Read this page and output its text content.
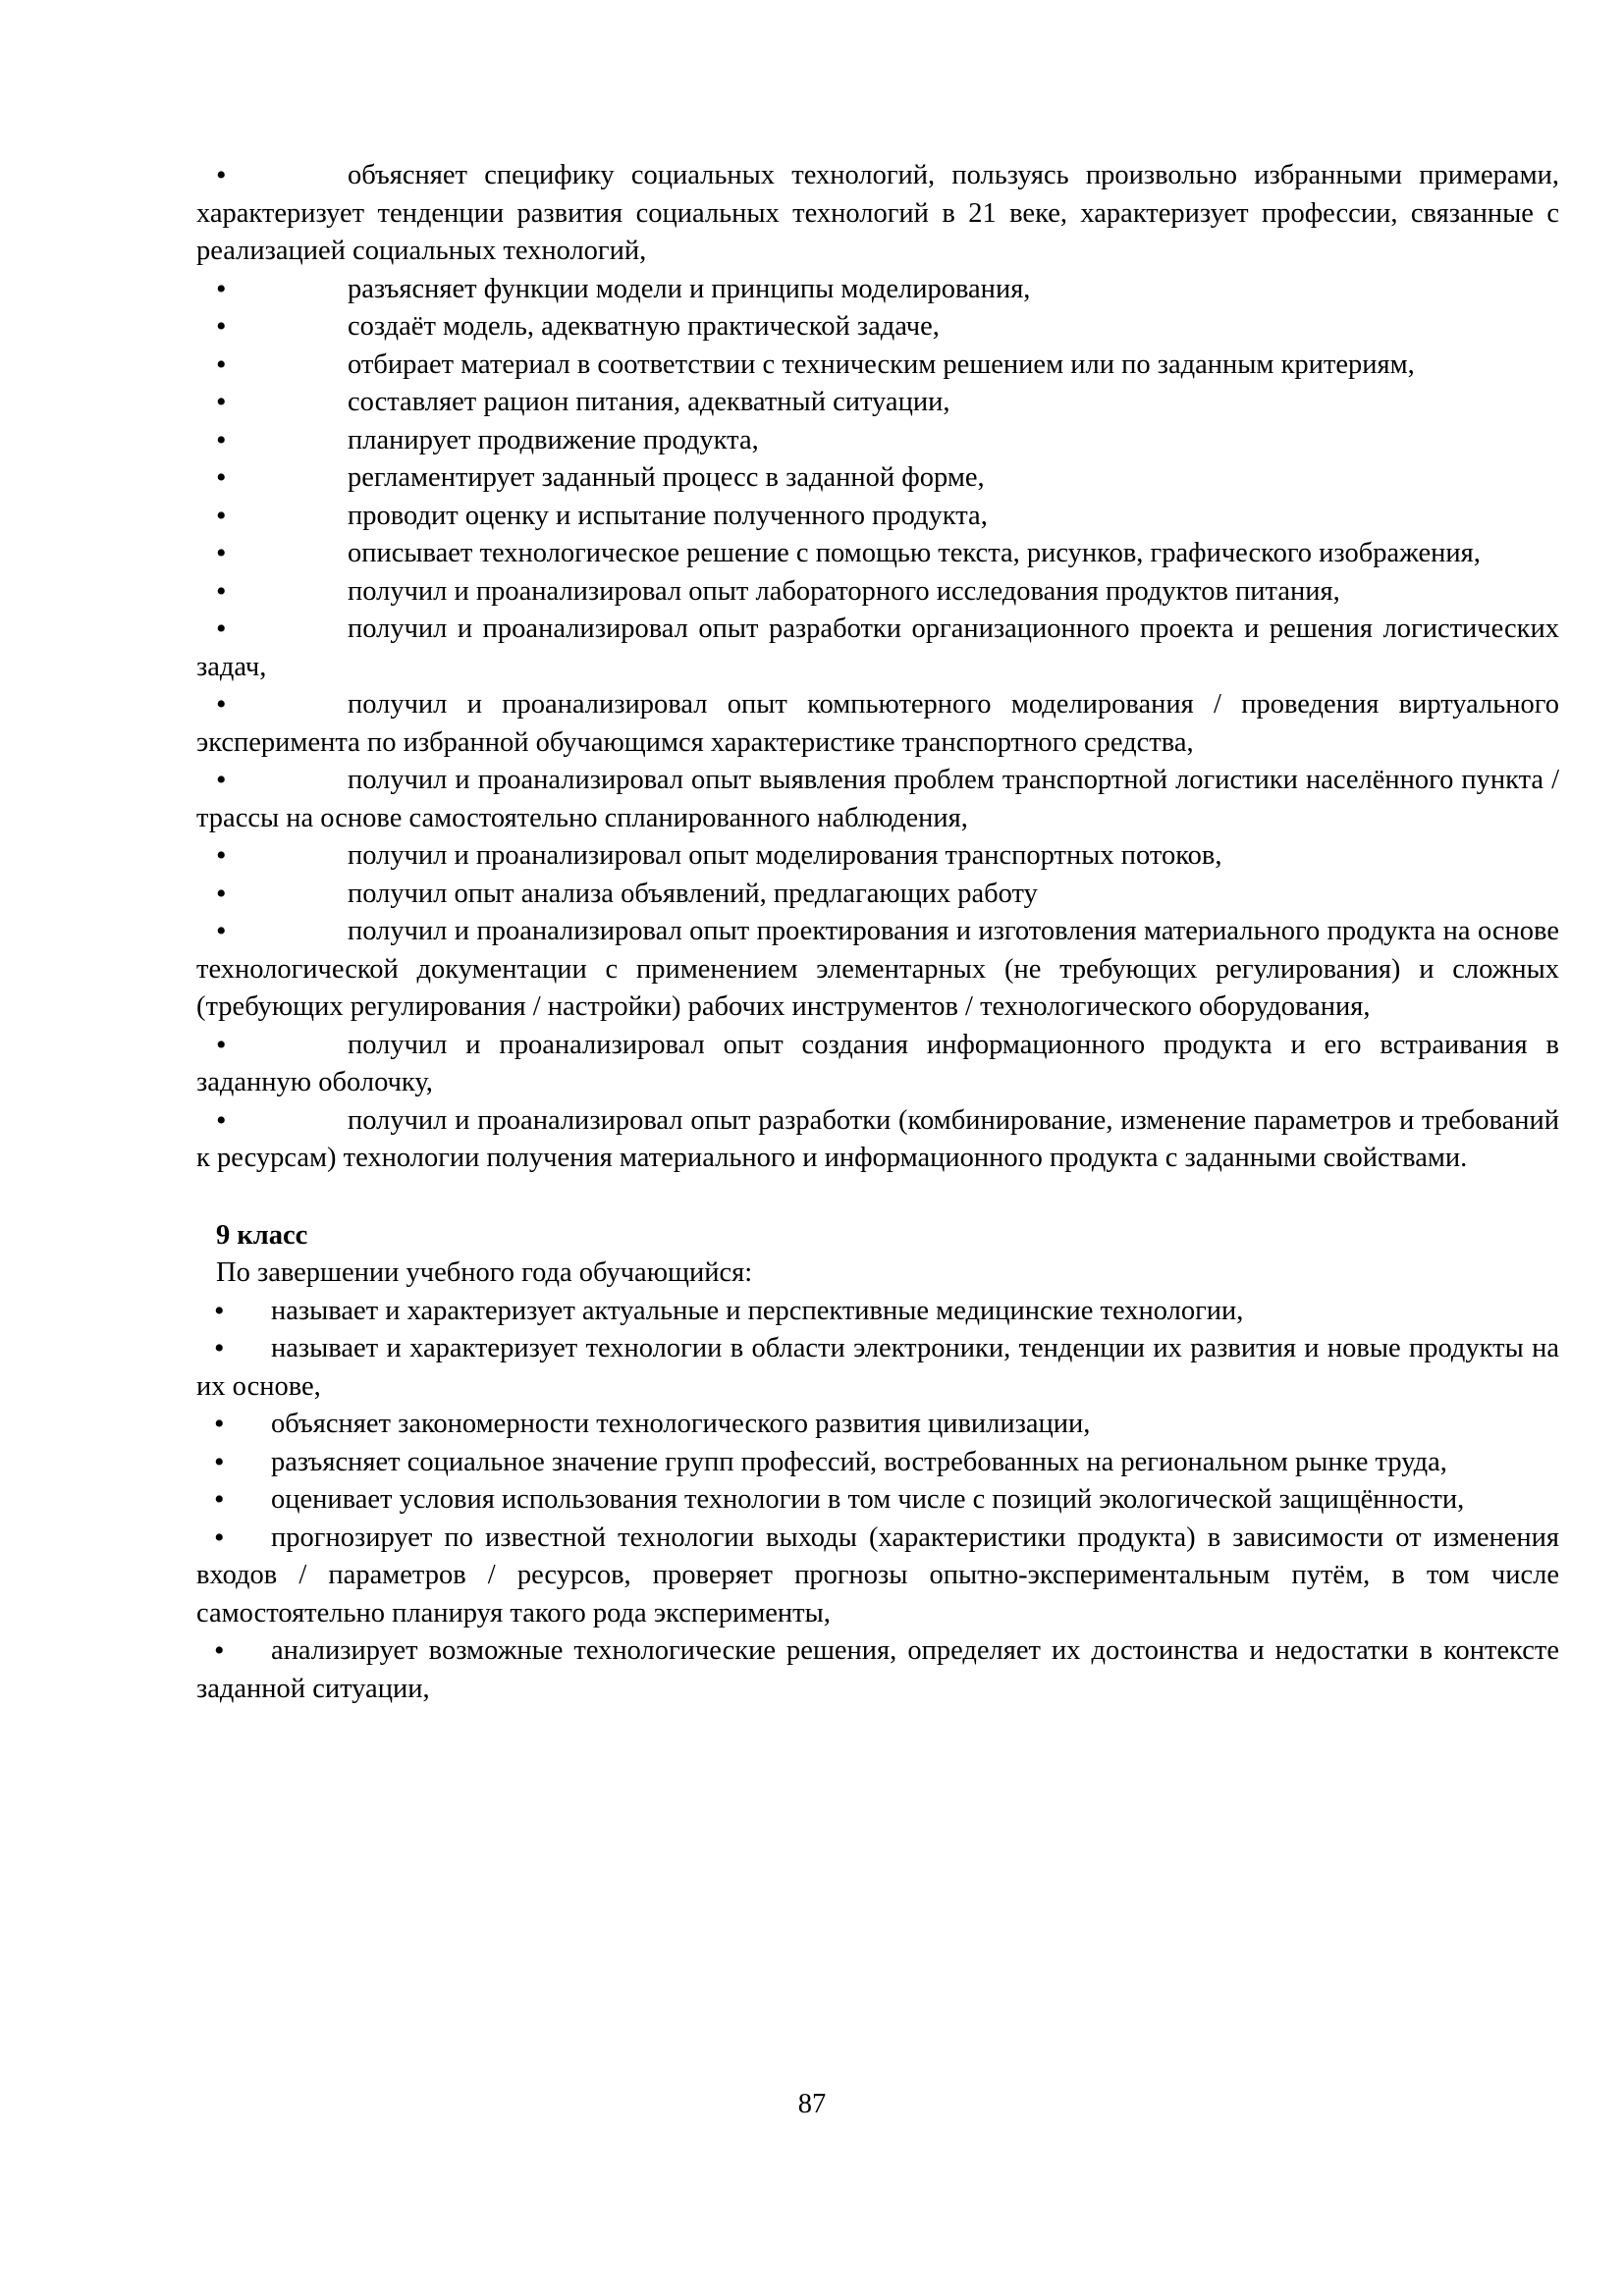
•	объясняет специфику социальных технологий, пользуясь произвольно избранными примерами, характеризует тенденции развития социальных технологий в 21 веке, характеризует профессии, связанные с реализацией социальных технологий,
•	разъясняет функции модели и принципы моделирования,
•	создаёт модель, адекватную практической задаче,
•	отбирает материал в соответствии с техническим решением или по заданным критериям,
•	составляет рацион питания, адекватный ситуации,
•	планирует продвижение продукта,
•	регламентирует заданный процесс в заданной форме,
•	проводит оценку и испытание полученного продукта,
•	описывает технологическое решение с помощью текста, рисунков, графического изображения,
•	получил и проанализировал опыт лабораторного исследования продуктов питания,
•	получил и проанализировал опыт разработки организационного проекта и решения логистических задач,
•	получил и проанализировал опыт компьютерного моделирования / проведения виртуального эксперимента по избранной обучающимся характеристике транспортного средства,
•	получил и проанализировал опыт выявления проблем транспортной логистики населённого пункта / трассы на основе самостоятельно спланированного наблюдения,
•	получил и проанализировал опыт моделирования транспортных потоков,
•	получил опыт анализа объявлений, предлагающих работу
•	получил и проанализировал опыт проектирования и изготовления материального продукта на основе технологической документации с применением элементарных (не требующих регулирования) и сложных (требующих регулирования / настройки) рабочих инструментов / технологического оборудования,
•	получил и проанализировал опыт создания информационного продукта и его встраивания в заданную оболочку,
•	получил и проанализировал опыт разработки (комбинирование, изменение параметров и требований к ресурсам) технологии получения материального и информационного продукта с заданными свойствами.
9 класс
По завершении учебного года обучающийся:
•	называет и характеризует актуальные и перспективные медицинские технологии,
•	называет и характеризует технологии в области электроники, тенденции их развития и новые продукты на их основе,
•	объясняет закономерности технологического развития цивилизации,
•	разъясняет социальное значение групп профессий, востребованных на региональном рынке труда,
•	оценивает условия использования технологии в том числе с позиций экологической защищённости,
•	прогнозирует по известной технологии выходы (характеристики продукта) в зависимости от изменения входов / параметров / ресурсов, проверяет прогнозы опытно-экспериментальным путём, в том числе самостоятельно планируя такого рода эксперименты,
•	анализирует возможные технологические решения, определяет их достоинства и недостатки в контексте заданной ситуации,
87
